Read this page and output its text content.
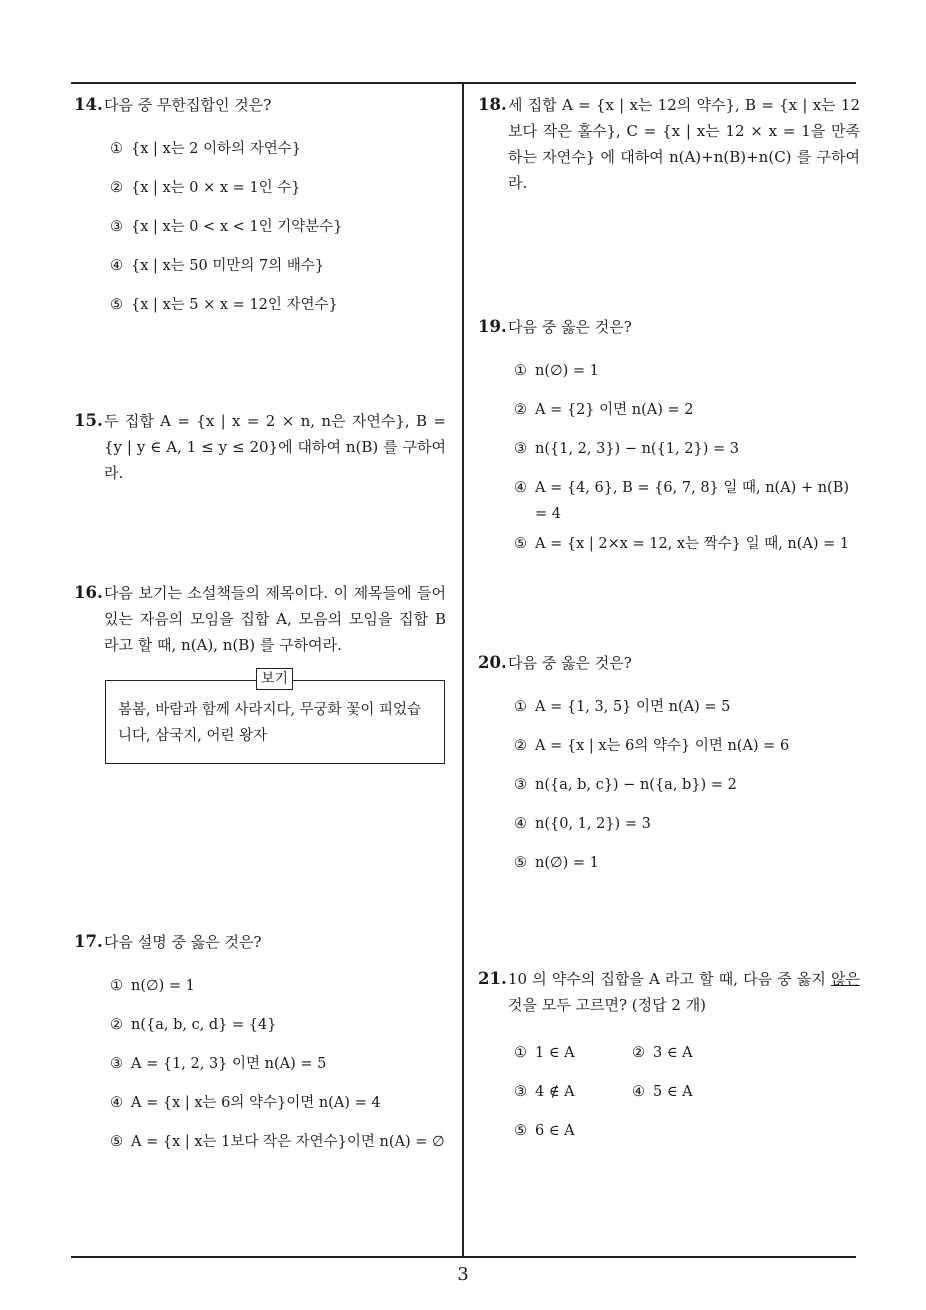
14. 다음 중 무한집합인 것은?
① {x | x는 2 이하의 자연수}
② {x | x는 0 × x = 1인 수}
③ {x | x는 0 < x < 1인 기약분수}
④ {x | x는 50 미만의 7의 배수}
⑤ {x | x는 5 × x = 12인 자연수}
15. 두 집합 A = {x | x = 2 × n, n은 자연수}, B = {y | y ∈ A, 1 ≤ y ≤ 20}에 대하여 n(B) 를 구하여라.
16. 다음 보기는 소설책들의 제목이다. 이 제목들에 들어 있는 자음의 모임을 집합 A, 모음의 모임을 집합 B 라고 할 때, n(A), n(B) 를 구하여라.
보기
봄봄, 바람과 함께 사라지다, 무궁화 꽃이 피었습니다, 삼국지, 어린 왕자
17. 다음 설명 중 옳은 것은?
① n(∅) = 1
② n({a, b, c, d} = {4}
③ A = {1, 2, 3} 이면 n(A) = 5
④ A = {x | x는 6의 약수}이면 n(A) = 4
⑤ A = {x | x는 1보다 작은 자연수}이면 n(A) = ∅
18. 세 집합 A = {x | x는 12의 약수}, B = {x | x는 12보다 작은 홀수}, C = {x | x는 12 × x = 1을 만족하는 자연수} 에 대하여 n(A)+n(B)+n(C) 를 구하여라.
19. 다음 중 옳은 것은?
① n(∅) = 1
② A = {2} 이면 n(A) = 2
③ n({1, 2, 3}) − n({1, 2}) = 3
④ A = {4, 6}, B = {6, 7, 8} 일 때, n(A) + n(B) = 4
⑤ A = {x | 2×x = 12, x는 짝수} 일 때, n(A) = 1
20. 다음 중 옳은 것은?
① A = {1, 3, 5} 이면 n(A) = 5
② A = {x | x는 6의 약수} 이면 n(A) = 6
③ n({a, b, c}) − n({a, b}) = 2
④ n({0, 1, 2}) = 3
⑤ n(∅) = 1
21. 10 의 약수의 집합을 A 라고 할 때, 다음 중 옳지 않은 것을 모두 고르면? (정답 2 개)
① 1 ∈ A	② 3 ∈ A
③ 4 ∉ A	④ 5 ∈ A
⑤ 6 ∈ A
3
